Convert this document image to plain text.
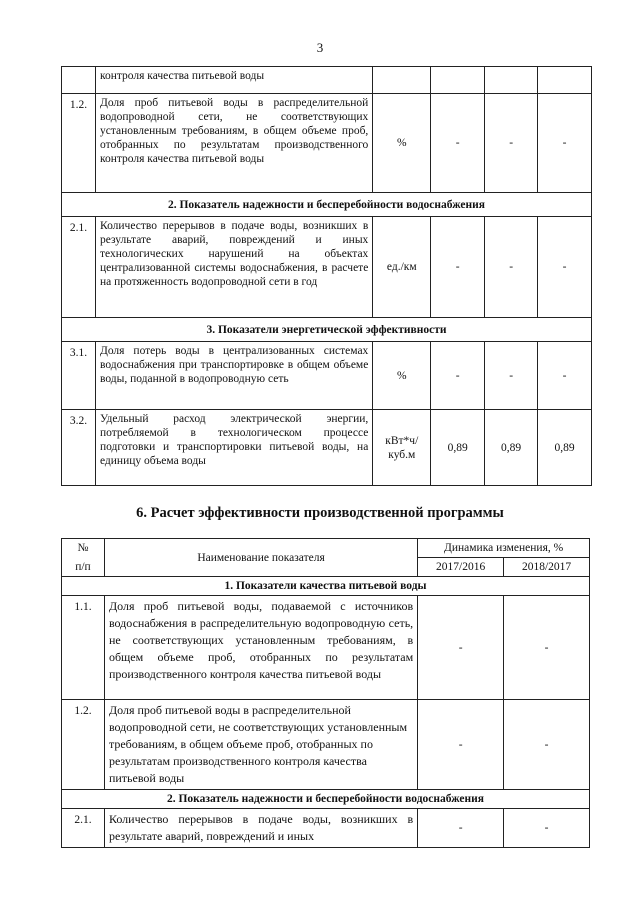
3
	контроля качества питьевой воды				
1.2.	Доля проб питьевой воды в распределительной водопроводной сети, не соответствующих установленным требованиям, в общем объеме проб, отобранных по результатам производственного контроля качества питьевой воды	%	-	-	-
2. Показатель надежности и бесперебойности водоснабжения					
2.1.	Количество перерывов в подаче воды, возникших в результате аварий, повреждений и иных технологических нарушений на объектах централизованной системы водоснабжения, в расчете на протяженность водопроводной сети в год	ед./км	-	-	-
3. Показатели энергетической эффективности					
3.1.	Доля потерь воды в централизованных системах водоснабжения при транспортировке в общем объеме воды, поданной в водопроводную сеть	%	-	-	-
3.2.	Удельный расход электрической энергии, потребляемой в технологическом процессе подготовки и транспортировки питьевой воды, на единицу объема воды	кВт*ч/ куб.м	0,89	0,89	0,89
6. Расчет эффективности производственной программы
№	Наименование показателя	Динамика изменения, %	
п/п		2017/2016	2018/2017
1. Показатели качества питьевой воды			
1.1.	Доля проб питьевой воды, подаваемой с источников водоснабжения в распределительную водопроводную сеть, не соответствующих установленным требованиям, в общем объеме проб, отобранных по результатам производственного контроля качества питьевой воды	-	-
1.2.	Доля проб питьевой воды в распределительной водопроводной сети, не соответствующих установленным требованиям, в общем объеме проб, отобранных по результатам производственного контроля качества питьевой воды	-	-
2. Показатель надежности и бесперебойности водоснабжения			
2.1.	Количество перерывов в подаче воды, возникших в результате аварий, повреждений и иных	-	-
